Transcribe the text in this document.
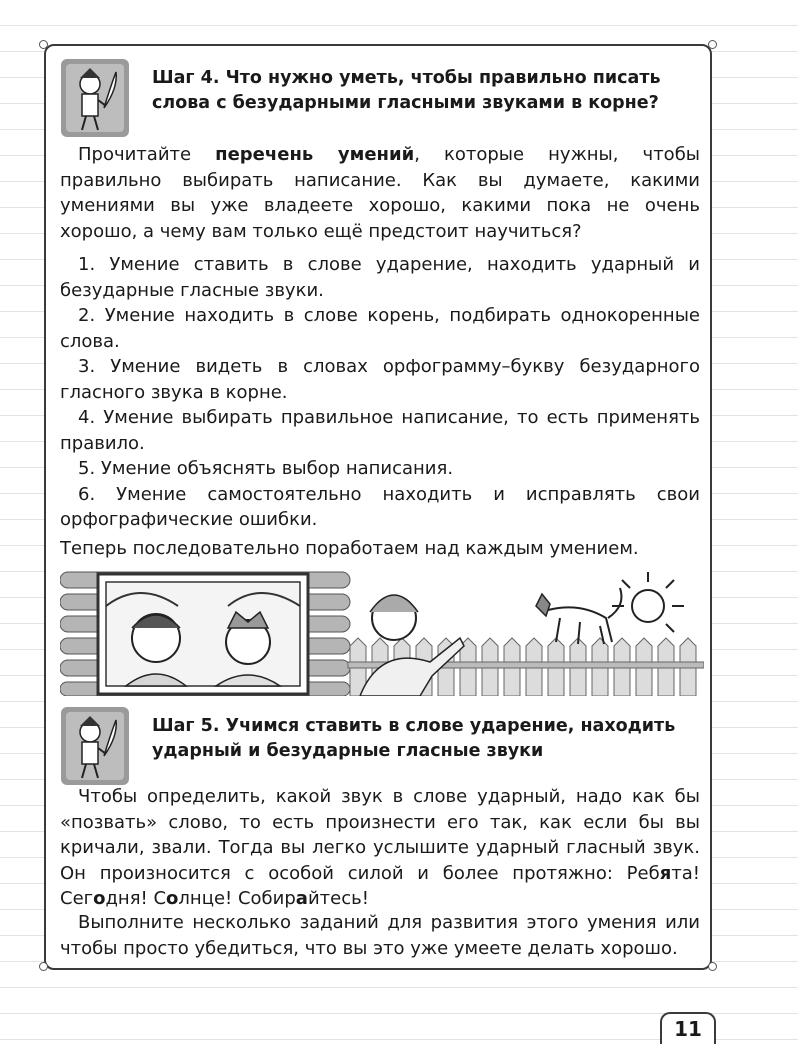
Шаг 4. Что нужно уметь, чтобы правильно писать слова с безударными гласными звуками в корне?
Прочитайте перечень умений, которые нужны, чтобы правильно выбирать написание. Как вы думаете, какими умениями вы уже владеете хорошо, какими пока не очень хорошо, а чему вам только ещё предстоит научиться?
1. Умение ставить в слове ударение, находить ударный и безударные гласные звуки.
2. Умение находить в слове корень, подбирать однокоренные слова.
3. Умение видеть в словах орфограмму–букву безударного гласного звука в корне.
4. Умение выбирать правильное написание, то есть применять правило.
5. Умение объяснять выбор написания.
6. Умение самостоятельно находить и исправлять свои орфографические ошибки.
Теперь последовательно поработаем над каждым умением.
Шаг 5. Учимся ставить в слове ударение, находить ударный и безударные гласные звуки
Чтобы определить, какой звук в слове ударный, надо как бы «позвать» слово, то есть произнести его так, как если бы вы кричали, звали. Тогда вы легко услышите ударный гласный звук. Он произносится с особой силой и более протяжно: Ребята! Сегодня! Солнце! Собирайтесь!
Выполните несколько заданий для развития этого умения или чтобы просто убедиться, что вы это уже умеете делать хорошо.
11
